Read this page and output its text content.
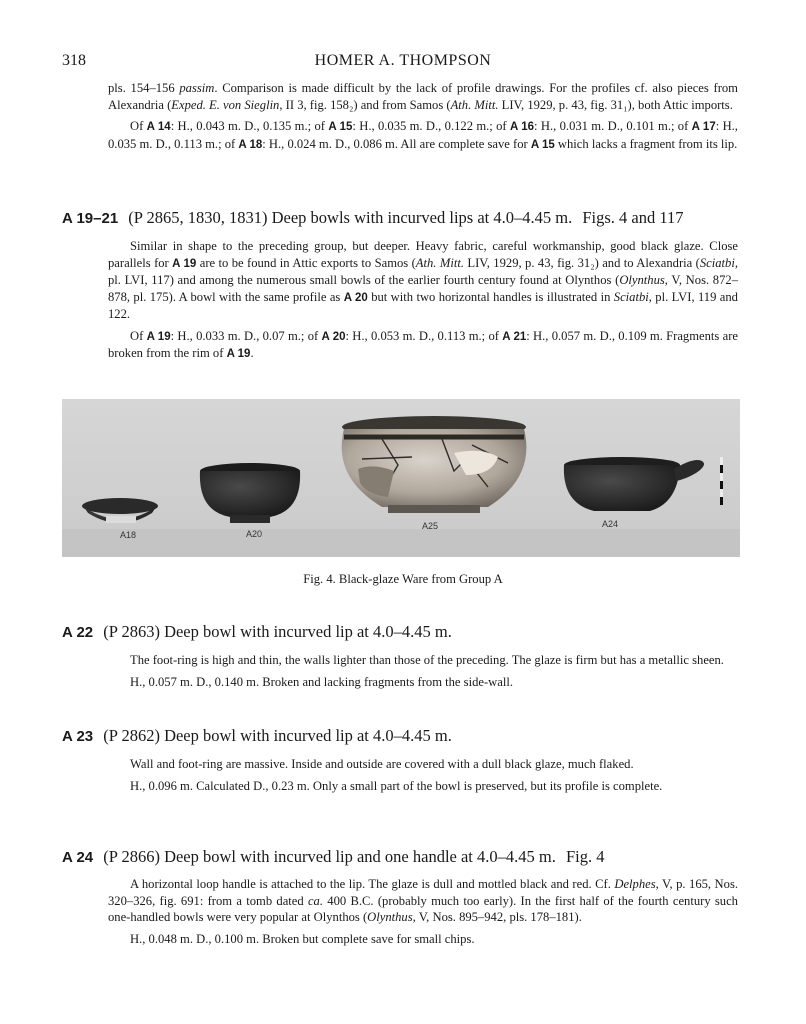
318	HOMER A. THOMPSON

pls. 154–156 passim. Comparison is made difficult by the lack of profile drawings. For the profiles cf. also pieces from Alexandria (Exped. E. von Sieglin, II 3, fig. 158₂) and from Samos (Ath. Mitt. LIV, 1929, p. 43, fig. 31₁), both Attic imports.

Of A 14: H., 0.043 m. D., 0.135 m.; of A 15: H., 0.035 m. D., 0.122 m.; of A 16: H., 0.031 m. D., 0.101 m.; of A 17: H., 0.035 m. D., 0.113 m.; of A 18: H., 0.024 m. D., 0.086 m. All are complete save for A 15 which lacks a fragment from its lip.

A 19–21 (P 2865, 1830, 1831) Deep bowls with incurved lips at 4.0–4.45 m. Figs. 4 and 117

Similar in shape to the preceding group, but deeper. Heavy fabric, careful workmanship, good black glaze. Close parallels for A 19 are to be found in Attic exports to Samos (Ath. Mitt. LIV, 1929, p. 43, fig. 31₂) and to Alexandria (Sciatbi, pl. LVI, 117) and among the numerous small bowls of the earlier fourth century found at Olynthos (Olynthus, V, Nos. 872–878, pl. 175). A bowl with the same profile as A 20 but with two horizontal handles is illustrated in Sciatbi, pl. LVI, 119 and 122.

Of A 19: H., 0.033 m. D., 0.07 m.; of A 20: H., 0.053 m. D., 0.113 m.; of A 21: H., 0.057 m. D., 0.109 m. Fragments are broken from the rim of A 19.

A18	A20
A25	A24
Fig. 4. Black-glaze Ware from Group A
A 22 (P 2863) Deep bowl with incurved lip at 4.0–4.45 m.

The foot-ring is high and thin, the walls lighter than those of the preceding. The glaze is firm but has a metallic sheen.

H., 0.057 m. D., 0.140 m. Broken and lacking fragments from the side-wall.

A 23 (P 2862) Deep bowl with incurved lip at 4.0–4.45 m.

Wall and foot-ring are massive. Inside and outside are covered with a dull black glaze, much flaked.

H., 0.096 m. Calculated D., 0.23 m. Only a small part of the bowl is preserved, but its profile is complete.

A 24 (P 2866) Deep bowl with incurved lip and one handle at 4.0–4.45 m. Fig. 4

A horizontal loop handle is attached to the lip. The glaze is dull and mottled black and red. Cf. Delphes, V, p. 165, Nos. 320–326, fig. 691: from a tomb dated ca. 400 B.C. (probably much too early). In the first half of the fourth century such one-handled bowls were very popular at Olynthos (Olynthus, V, Nos. 895–942, pls. 178–181).

H., 0.048 m. D., 0.100 m. Broken but complete save for small chips.
